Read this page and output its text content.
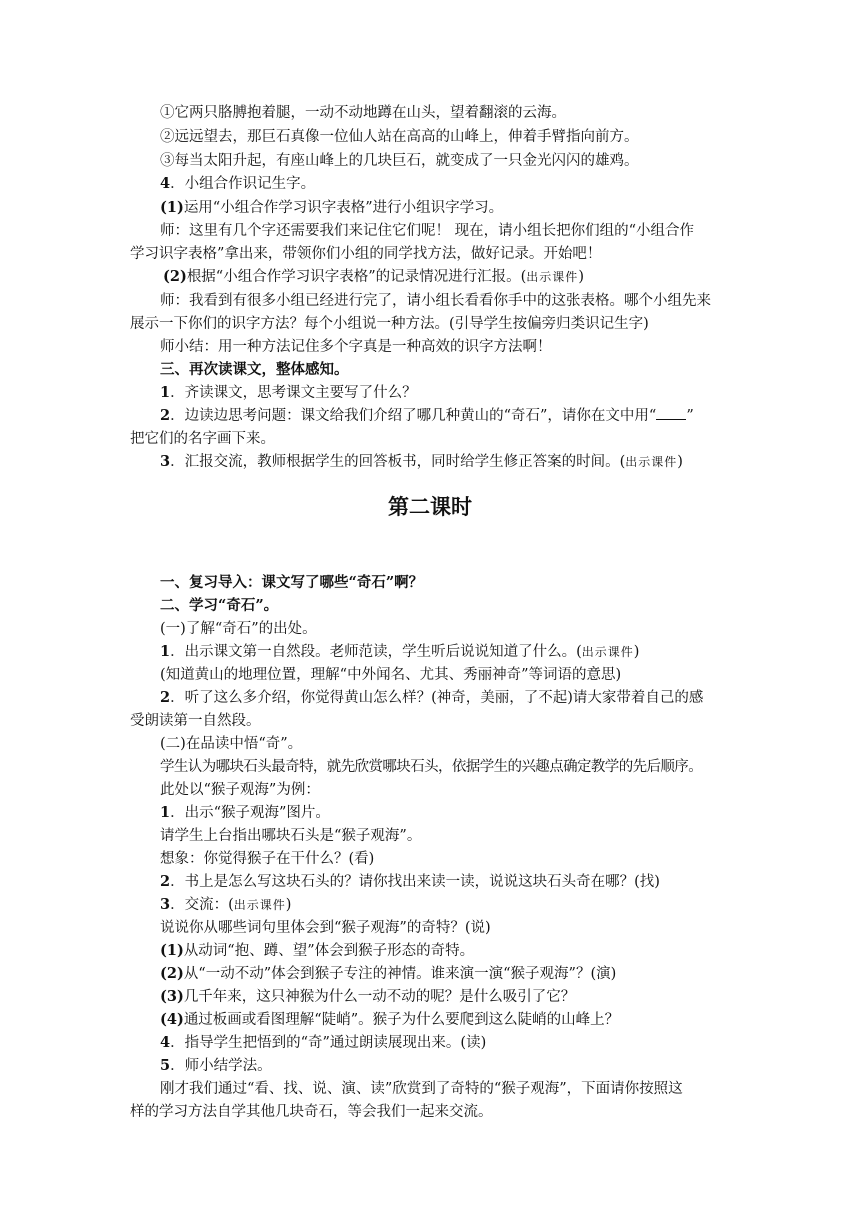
①它两只胳膊抱着腿，一动不动地蹲在山头，望着翻滚的云海。
②远远望去，那巨石真像一位仙人站在高高的山峰上，伸着手臂指向前方。
③每当太阳升起，有座山峰上的几块巨石，就变成了一只金光闪闪的雄鸡。
4．小组合作识记生字。
(1)运用“小组合作学习识字表格”进行小组识字学习。
师：这里有几个字还需要我们来记住它们呢！ 现在，请小组长把你们组的“小组合作
学习识字表格”拿出来，带领你们小组的同学找方法，做好记录。开始吧！
(2)根据“小组合作学习识字表格”的记录情况进行汇报。(出示课件)
师：我看到有很多小组已经进行完了，请小组长看看你手中的这张表格。哪个小组先来
展示一下你们的识字方法？每个小组说一种方法。(引导学生按偏旁归类识记生字)
师小结：用一种方法记住多个字真是一种高效的识字方法啊！
三、再次读课文，整体感知。
1．齐读课文，思考课文主要写了什么？
2．边读边思考问题：课文给我们介绍了哪几种黄山的“奇石”，请你在文中用“ ”
把它们的名字画下来。
3．汇报交流，教师根据学生的回答板书，同时给学生修正答案的时间。(出示课件)
第二课时
一、复习导入：课文写了哪些“奇石”啊？
二、学习“奇石”。
(一)了解“奇石”的出处。
1．出示课文第一自然段。老师范读，学生听后说说知道了什么。(出示课件)
(知道黄山的地理位置，理解“中外闻名、尤其、秀丽神奇”等词语的意思)
2．听了这么多介绍，你觉得黄山怎么样？(神奇，美丽，了不起)请大家带着自己的感
受朗读第一自然段。
(二)在品读中悟“奇”。
学生认为哪块石头最奇特，就先欣赏哪块石头，依据学生的兴趣点确定教学的先后顺序。
此处以“猴子观海”为例：
1．出示“猴子观海”图片。
请学生上台指出哪块石头是“猴子观海”。
想象：你觉得猴子在干什么？(看)
2．书上是怎么写这块石头的？请你找出来读一读，说说这块石头奇在哪？(找)
3．交流：(出示课件)
说说你从哪些词句里体会到“猴子观海”的奇特？(说)
(1)从动词“抱、蹲、望”体会到猴子形态的奇特。
(2)从“一动不动”体会到猴子专注的神情。谁来演一演“猴子观海”？(演)
(3)几千年来，这只神猴为什么一动不动的呢？是什么吸引了它？
(4)通过板画或看图理解“陡峭”。猴子为什么要爬到这么陡峭的山峰上？
4．指导学生把悟到的“奇”通过朗读展现出来。(读)
5．师小结学法。
刚才我们通过“看、找、说、演、读”欣赏到了奇特的“猴子观海”，下面请你按照这
样的学习方法自学其他几块奇石，等会我们一起来交流。
